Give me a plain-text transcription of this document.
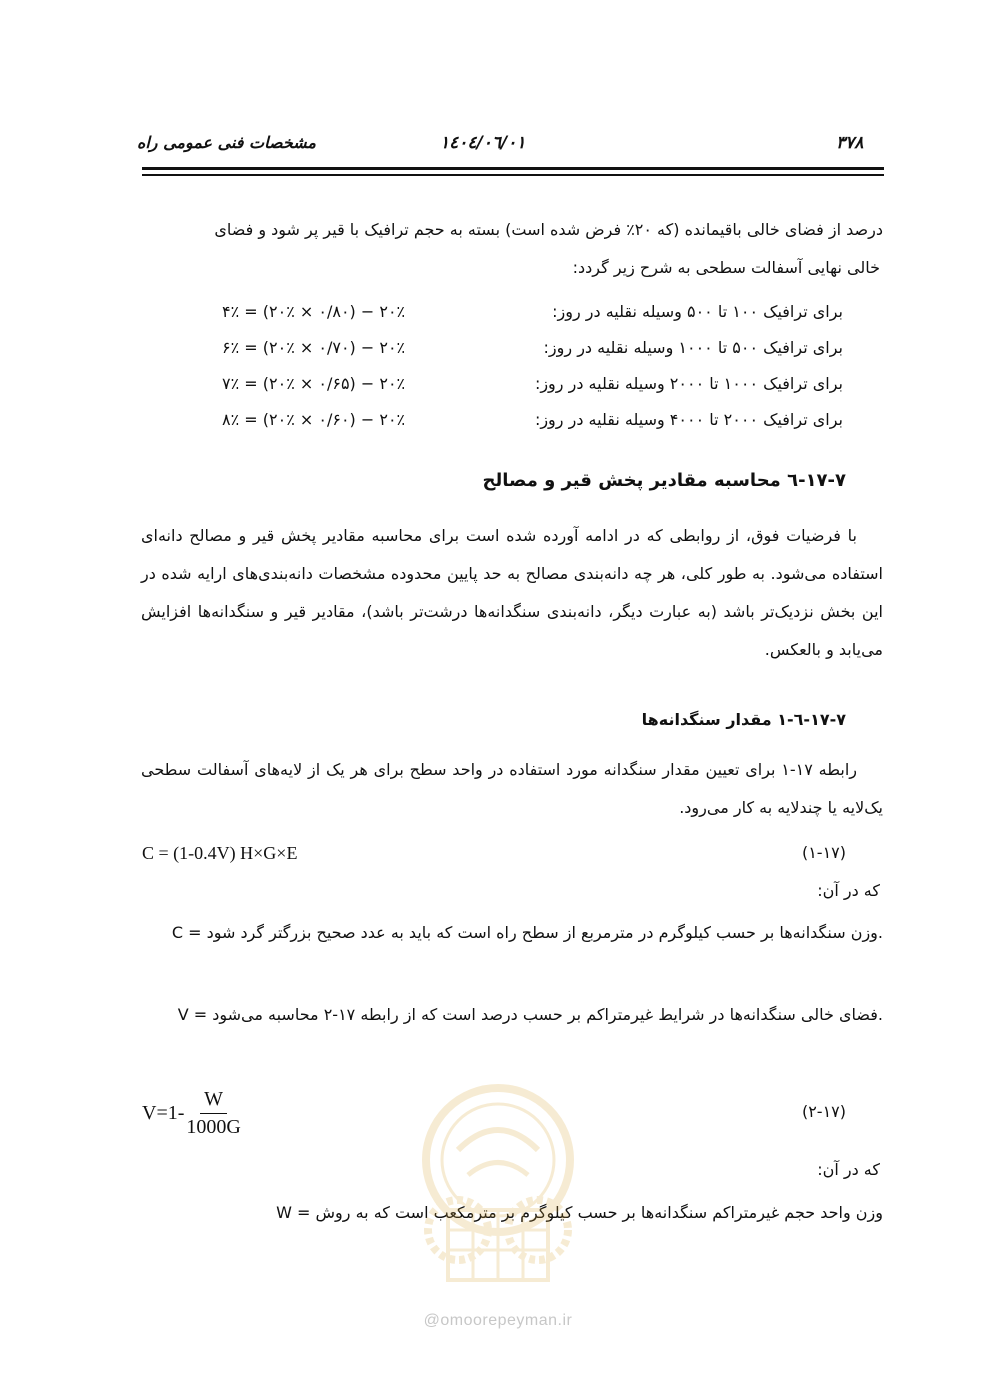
۳۷۸
۱٤۰٤/۰٦/۰۱
مشخصات فنی عمومی راه
درصد از فضای خالی باقیمانده (که ۲۰٪ فرض شده است) بسته به حجم ترافیک با قیر پر شود و فضای
خالی نهایی آسفالت سطحی به شرح زیر گردد:
برای ترافیک ۱۰۰ تا ۵۰۰ وسیله نقلیه در روز:
۴٪ = (۲۰٪ × ۰/۸۰) − ۲۰٪
برای ترافیک ۵۰۰ تا ۱۰۰۰ وسیله نقلیه در روز:
۶٪ = (۲۰٪ × ۰/۷۰) − ۲۰٪
برای ترافیک ۱۰۰۰ تا ۲۰۰۰ وسیله نقلیه در روز:
۷٪ = (۲۰٪ × ۰/۶۵) − ۲۰٪
برای ترافیک ۲۰۰۰ تا ۴۰۰۰ وسیله نقلیه در روز:
۸٪ = (۲۰٪ × ۰/۶۰) − ۲۰٪
۱۷-۷-٦ محاسبه مقادیر پخش قیر و مصالح
با فرضیات فوق، از روابطی که در ادامه آورده شده است برای محاسبه مقادیر پخش قیر و مصالح دانه‌ای استفاده می‌شود. به طور کلی، هر چه دانه‌بندی مصالح به حد پایین محدوده مشخصات دانه‌بندی‌های ارایه شده در این بخش نزدیک‌تر باشد (به عبارت دیگر، دانه‌بندی سنگدانه‌ها درشت‌تر باشد)، مقادیر قیر و سنگدانه‌ها افزایش می‌یابد و بالعکس.
۱۷-۷-٦-۱ مقدار سنگدانه‌ها
رابطه ۱۷-۱ برای تعیین مقدار سنگدانه مورد استفاده در واحد سطح برای هر یک از لایه‌های آسفالت سطحی یک‌لایه یا چندلایه به کار می‌رود.
C = (1-0.4V) H×G×E	(۱-۱۷)
که در آن:
C = وزن سنگدانه‌ها بر حسب کیلوگرم در مترمربع از سطح راه است که باید به عدد صحیح بزرگتر گرد شود.
V = فضای خالی سنگدانه‌ها در شرایط غیرمتراکم بر حسب درصد است که از رابطه ۱۷-۲ محاسبه می‌شود.
$V=1- \frac{W}{1000G}$	(۲-۱۷)
که در آن:
W = وزن واحد حجم غیرمتراکم سنگدانه‌ها بر حسب کیلوگرم بر مترمکعب است که به روش
@omoorepeyman.ir
